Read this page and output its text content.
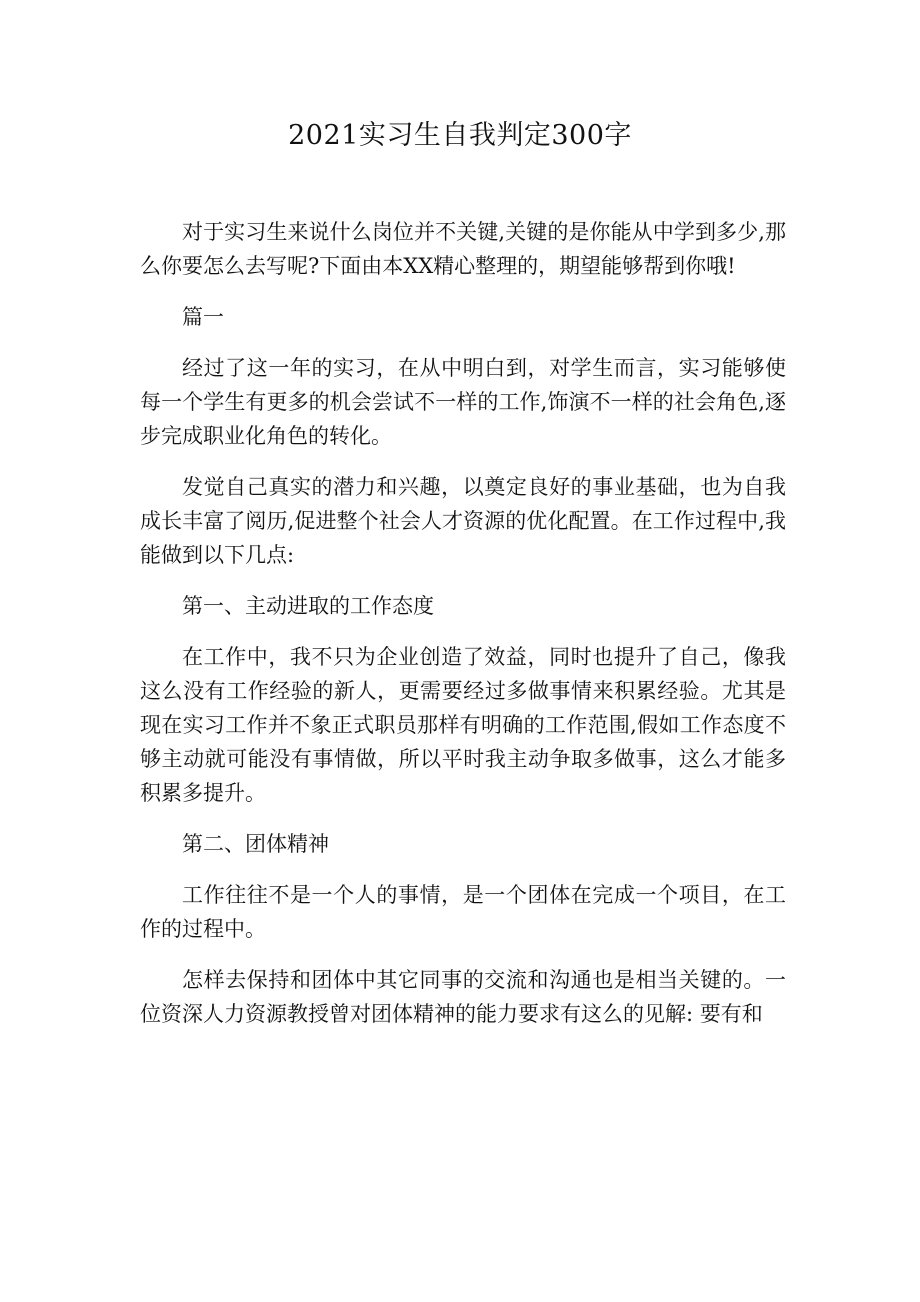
2021实习生自我判定300字

对于实习生来说什么岗位并不关键,关键的是你能从中学到多少,那么你要怎么去写呢?下面由本XX精心整理的，期望能够帮到你哦!

篇一

经过了这一年的实习，在从中明白到，对学生而言，实习能够使每一个学生有更多的机会尝试不一样的工作,饰演不一样的社会角色,逐步完成职业化角色的转化。

发觉自己真实的潜力和兴趣，以奠定良好的事业基础，也为自我成长丰富了阅历,促进整个社会人才资源的优化配置。在工作过程中,我能做到以下几点:

第一、主动进取的工作态度

在工作中，我不只为企业创造了效益，同时也提升了自己，像我这么没有工作经验的新人，更需要经过多做事情来积累经验。尤其是现在实习工作并不象正式职员那样有明确的工作范围,假如工作态度不够主动就可能没有事情做，所以平时我主动争取多做事，这么才能多积累多提升。

第二、团体精神

工作往往不是一个人的事情，是一个团体在完成一个项目，在工作的过程中。

怎样去保持和团体中其它同事的交流和沟通也是相当关键的。一位资深人力资源教授曾对团体精神的能力要求有这么的见解: 要有和
